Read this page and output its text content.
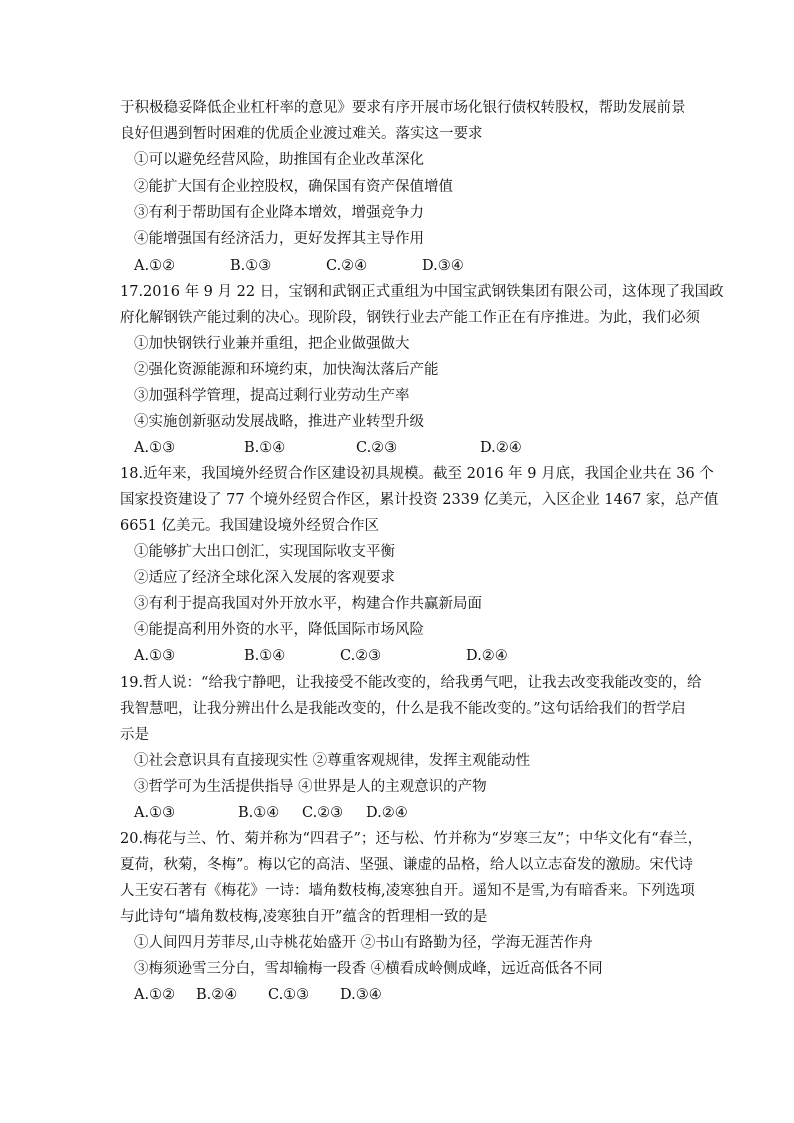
于积极稳妥降低企业杠杆率的意见》要求有序开展市场化银行债权转股权，帮助发展前景
良好但遇到暂时困难的优质企业渡过难关。落实这一要求
①可以避免经营风险，助推国有企业改革深化
②能扩大国有企业控股权，确保国有资产保值增值
③有利于帮助国有企业降本增效，增强竞争力
④能增强国有经济活力，更好发挥其主导作用
A.①②	B.①③	C.②④	D.③④
17.2016 年 9 月 22 日，宝钢和武钢正式重组为中国宝武钢铁集团有限公司，这体现了我国政
府化解钢铁产能过剩的决心。现阶段，钢铁行业去产能工作正在有序推进。为此，我们必须
①加快钢铁行业兼并重组，把企业做强做大
②强化资源能源和环境约束，加快淘汰落后产能
③加强科学管理，提高过剩行业劳动生产率
④实施创新驱动发展战略，推进产业转型升级
A.①③	B.①④	C.②③	D.②④
18.近年来，我国境外经贸合作区建设初具规模。截至 2016 年 9 月底，我国企业共在 36 个
国家投资建设了 77 个境外经贸合作区，累计投资 2339 亿美元，入区企业 1467 家，总产值
6651 亿美元。我国建设境外经贸合作区
①能够扩大出口创汇，实现国际收支平衡
②适应了经济全球化深入发展的客观要求
③有利于提高我国对外开放水平，构建合作共赢新局面
④能提高利用外资的水平，降低国际市场风险
A.①③	B.①④	C.②③	D.②④
19.哲人说：“给我宁静吧，让我接受不能改变的，给我勇气吧，让我去改变我能改变的，给
我智慧吧，让我分辨出什么是我能改变的，什么是我不能改变的。”这句话给我们的哲学启
示是
①社会意识具有直接现实性 ②尊重客观规律，发挥主观能动性
③哲学可为生活提供指导 ④世界是人的主观意识的产物
A.①③	B.①④ C.②③ D.②④
20.梅花与兰、竹、菊并称为“四君子”；还与松、竹并称为“岁寒三友”；中华文化有“春兰，
夏荷，秋菊，冬梅”。梅以它的高洁、坚强、谦虚的品格，给人以立志奋发的激励。宋代诗
人王安石著有《梅花》一诗：墙角数枝梅,凌寒独自开。遥知不是雪,为有暗香来。下列选项
与此诗句“墙角数枝梅,凌寒独自开”蕴含的哲理相一致的是
①人间四月芳菲尽,山寺桃花始盛开 ②书山有路勤为径，学海无涯苦作舟
③梅须逊雪三分白，雪却输梅一段香 ④横看成岭侧成峰，远近高低各不同
A.①② B.②④ C.①③ D.③④
